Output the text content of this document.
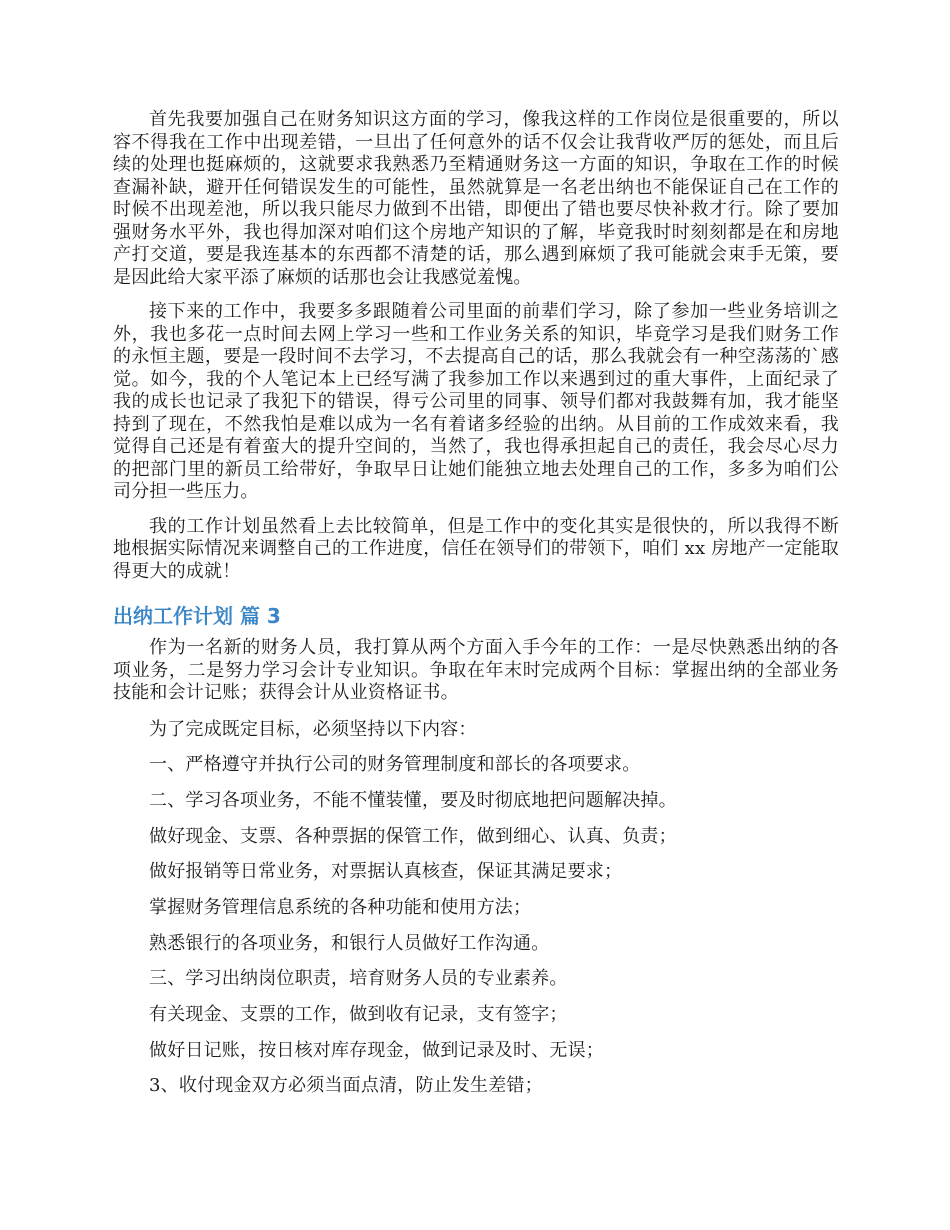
首先我要加强自己在财务知识这方面的学习，像我这样的工作岗位是很重要的，所以容不得我在工作中出现差错，一旦出了任何意外的话不仅会让我背收严厉的惩处，而且后续的处理也挺麻烦的，这就要求我熟悉乃至精通财务这一方面的知识，争取在工作的时候查漏补缺，避开任何错误发生的可能性，虽然就算是一名老出纳也不能保证自己在工作的时候不出现差池，所以我只能尽力做到不出错，即便出了错也要尽快补救才行。除了要加强财务水平外，我也得加深对咱们这个房地产知识的了解，毕竟我时时刻刻都是在和房地产打交道，要是我连基本的东西都不清楚的话，那么遇到麻烦了我可能就会束手无策，要是因此给大家平添了麻烦的话那也会让我感觉羞愧。

接下来的工作中，我要多多跟随着公司里面的前辈们学习，除了参加一些业务培训之外，我也多花一点时间去网上学习一些和工作业务关系的知识，毕竟学习是我们财务工作的永恒主题，要是一段时间不去学习，不去提高自己的话，那么我就会有一种空荡荡的`感觉。如今，我的个人笔记本上已经写满了我参加工作以来遇到过的重大事件，上面纪录了我的成长也记录了我犯下的错误，得亏公司里的同事、领导们都对我鼓舞有加，我才能坚持到了现在，不然我怕是难以成为一名有着诸多经验的出纳。从目前的工作成效来看，我觉得自己还是有着蛮大的提升空间的，当然了，我也得承担起自己的责任，我会尽心尽力的把部门里的新员工给带好，争取早日让她们能独立地去处理自己的工作，多多为咱们公司分担一些压力。

我的工作计划虽然看上去比较简单，但是工作中的变化其实是很快的，所以我得不断地根据实际情况来调整自己的工作进度，信任在领导们的带领下，咱们 xx 房地产一定能取得更大的成就！

出纳工作计划 篇 3

作为一名新的财务人员，我打算从两个方面入手今年的工作：一是尽快熟悉出纳的各项业务，二是努力学习会计专业知识。争取在年末时完成两个目标：掌握出纳的全部业务技能和会计记账；获得会计从业资格证书。

为了完成既定目标，必须坚持以下内容：

一、严格遵守并执行公司的财务管理制度和部长的各项要求。

二、学习各项业务，不能不懂装懂，要及时彻底地把问题解决掉。

做好现金、支票、各种票据的保管工作，做到细心、认真、负责；

做好报销等日常业务，对票据认真核查，保证其满足要求；

掌握财务管理信息系统的各种功能和使用方法；

熟悉银行的各项业务，和银行人员做好工作沟通。

三、学习出纳岗位职责，培育财务人员的专业素养。

有关现金、支票的工作，做到收有记录，支有签字；

做好日记账，按日核对库存现金，做到记录及时、无误；

3、收付现金双方必须当面点清，防止发生差错；
